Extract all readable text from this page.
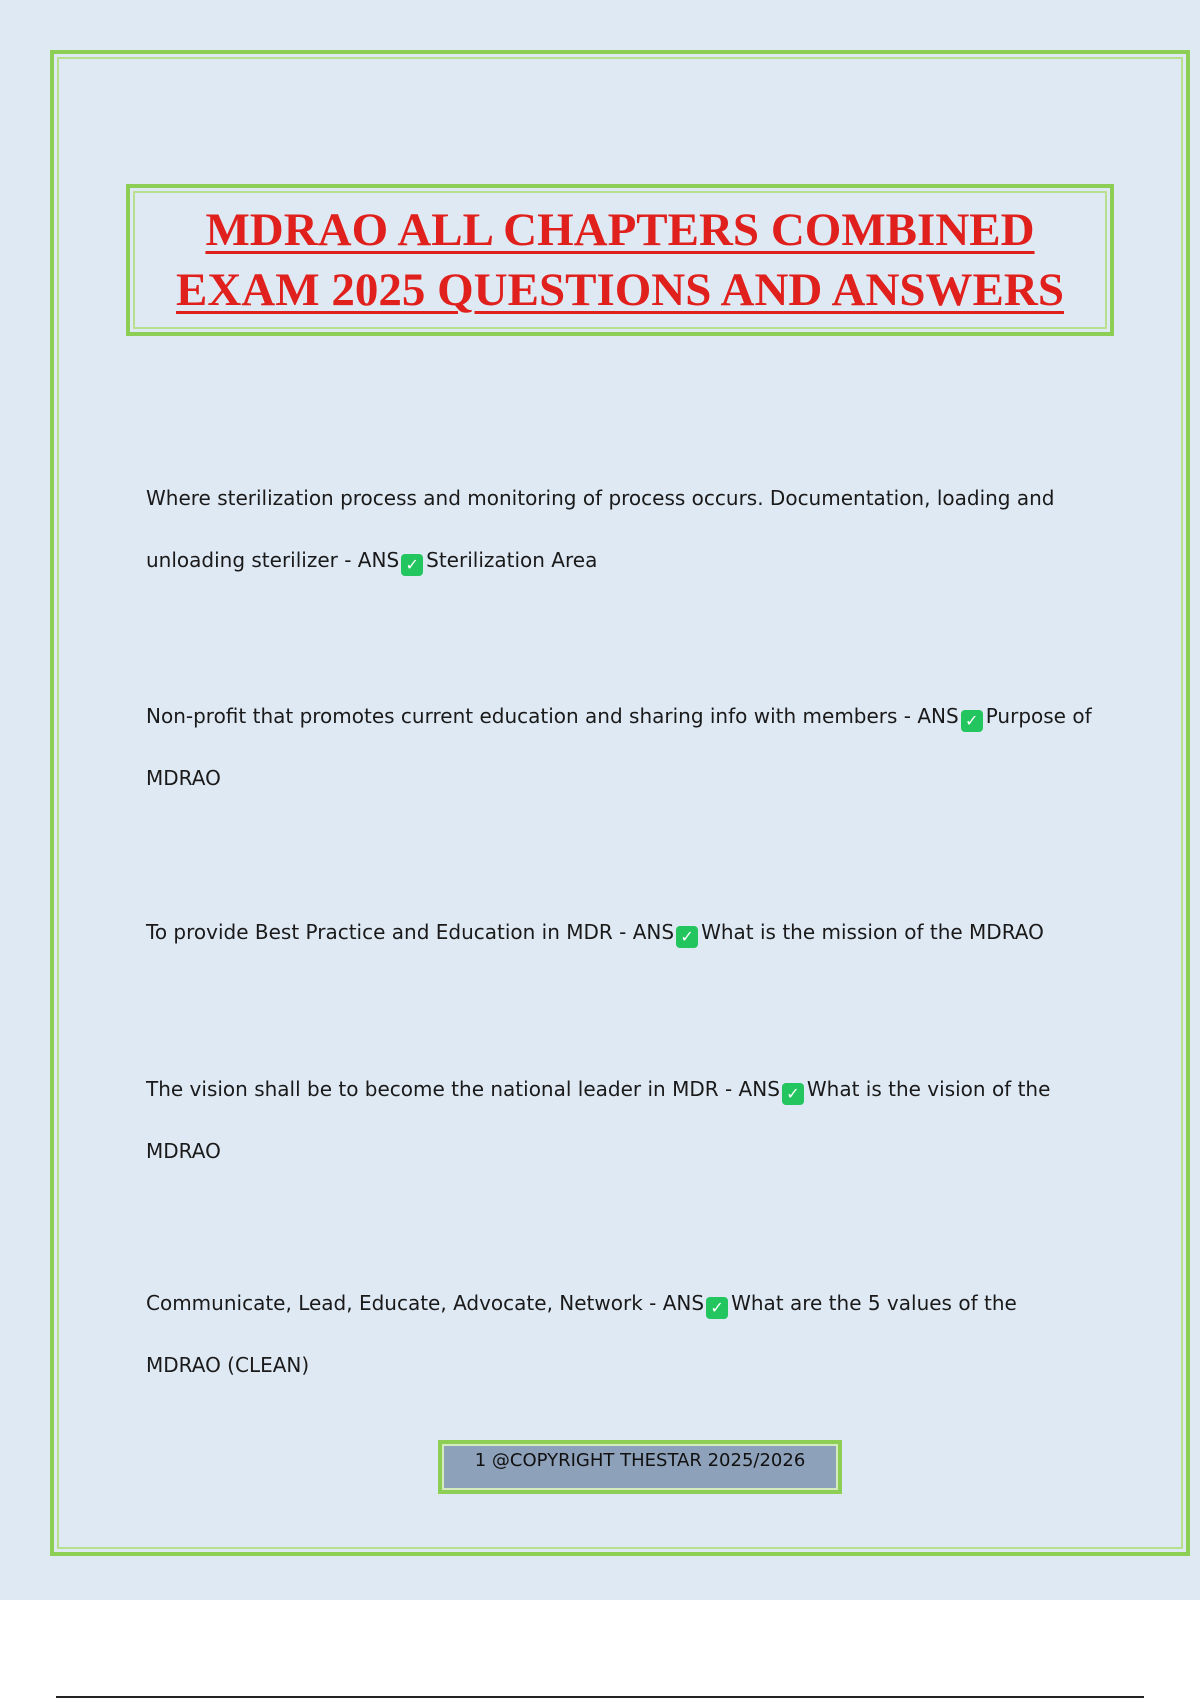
MDRAO ALL CHAPTERS COMBINED
EXAM 2025 QUESTIONS AND ANSWERS
Where sterilization process and monitoring of process occurs. Documentation, loading and unloading sterilizer - ANS ✓ Sterilization Area
Non-profit that promotes current education and sharing info with members - ANS ✓ Purpose of MDRAO
To provide Best Practice and Education in MDR - ANS ✓ What is the mission of the MDRAO
The vision shall be to become the national leader in MDR - ANS ✓ What is the vision of the MDRAO
Communicate, Lead, Educate, Advocate, Network - ANS ✓ What are the 5 values of the MDRAO (CLEAN)
1 @COPYRIGHT THESTAR 2025/2026
